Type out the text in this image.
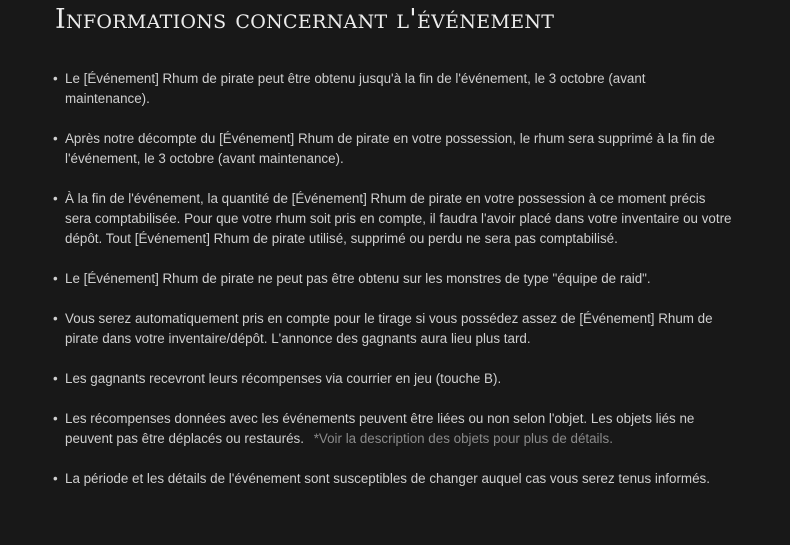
Informations concernant l'événement
• Le [Événement] Rhum de pirate peut être obtenu jusqu'à la fin de l'événement, le 3 octobre (avant maintenance).
• Après notre décompte du [Événement] Rhum de pirate en votre possession, le rhum sera supprimé à la fin de l'événement, le 3 octobre (avant maintenance).
• À la fin de l'événement, la quantité de [Événement] Rhum de pirate en votre possession à ce moment précis sera comptabilisée. Pour que votre rhum soit pris en compte, il faudra l'avoir placé dans votre inventaire ou votre dépôt. Tout [Événement] Rhum de pirate utilisé, supprimé ou perdu ne sera pas comptabilisé.
• Le [Événement] Rhum de pirate ne peut pas être obtenu sur les monstres de type "équipe de raid".
• Vous serez automatiquement pris en compte pour le tirage si vous possédez assez de [Événement] Rhum de pirate dans votre inventaire/dépôt. L'annonce des gagnants aura lieu plus tard.
• Les gagnants recevront leurs récompenses via courrier en jeu (touche B).
• Les récompenses données avec les événements peuvent être liées ou non selon l'objet. Les objets liés ne peuvent pas être déplacés ou restaurés. *Voir la description des objets pour plus de détails.
• La période et les détails de l'événement sont susceptibles de changer auquel cas vous serez tenus informés.
